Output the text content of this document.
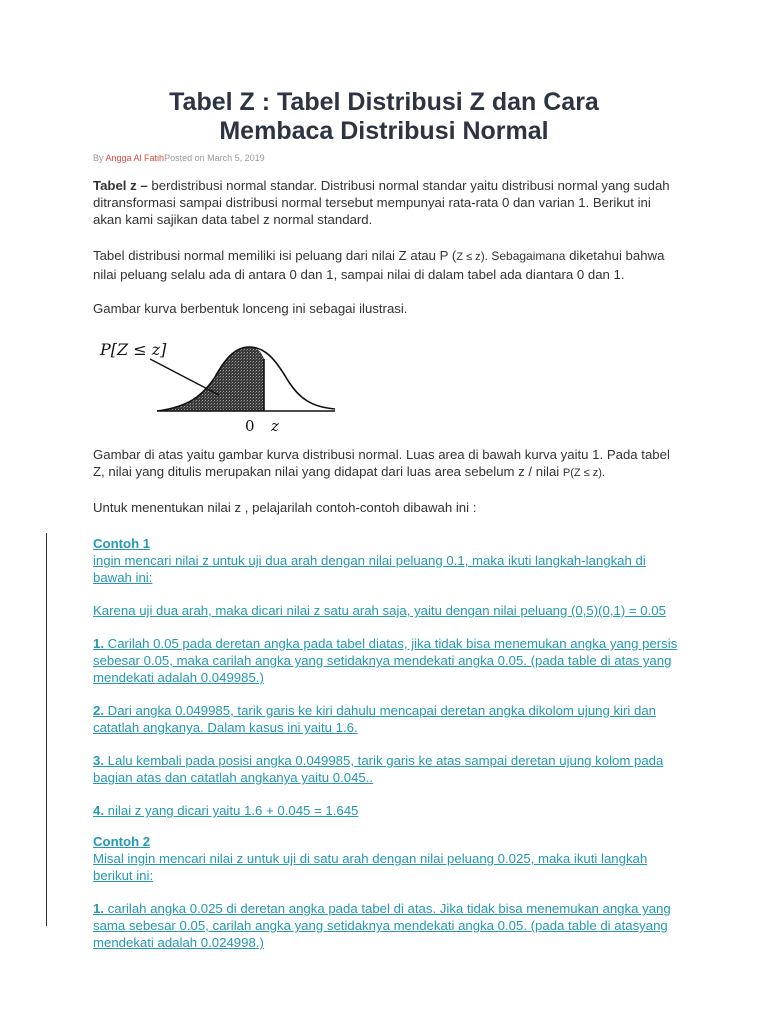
Tabel Z : Tabel Distribusi Z dan Cara
Membaca Distribusi Normal
By Angga Al FatihPosted on March 5, 2019

Tabel z – berdistribusi normal standar. Distribusi normal standar yaitu distribusi normal yang sudah ditransformasi sampai distribusi normal tersebut mempunyai rata-rata 0 dan varian 1. Berikut ini akan kami sajikan data tabel z normal standard.

Tabel distribusi normal memiliki isi peluang dari nilai Z atau P (Z ≤ z). Sebagaimana diketahui bahwa nilai peluang selalu ada di antara 0 dan 1, sampai nilai di dalam tabel ada diantara 0 dan 1.

Gambar kurva berbentuk lonceng ini sebagai ilustrasi.

P[Z ≤ z]
0 z

Gambar di atas yaitu gambar kurva distribusi normal. Luas area di bawah kurva yaitu 1. Pada tabel Z, nilai yang ditulis merupakan nilai yang didapat dari luas area sebelum z / nilai P(Z ≤ z).

Untuk menentukan nilai z , pelajarilah contoh-contoh dibawah ini :

Contoh 1
ingin mencari nilai z untuk uji dua arah dengan nilai peluang 0.1, maka ikuti langkah-langkah di bawah ini:
Karena uji dua arah, maka dicari nilai z satu arah saja, yaitu dengan nilai peluang (0,5)(0,1) = 0.05
1. Carilah 0.05 pada deretan angka pada tabel diatas, jika tidak bisa menemukan angka yang persis sebesar 0.05, maka carilah angka yang setidaknya mendekati angka 0.05. (pada table di atas yang mendekati adalah 0.049985.)
2. Dari angka 0.049985, tarik garis ke kiri dahulu mencapai deretan angka dikolom ujung kiri dan catatlah angkanya. Dalam kasus ini yaitu 1.6.
3. Lalu kembali pada posisi angka 0.049985, tarik garis ke atas sampai deretan ujung kolom pada bagian atas dan catatlah angkanya yaitu 0.045..
4. nilai z yang dicari yaitu 1.6 + 0.045 = 1.645
Contoh 2
Misal ingin mencari nilai z untuk uji di satu arah dengan nilai peluang 0.025, maka ikuti langkah berikut ini:
1. carilah angka 0.025 di deretan angka pada tabel di atas. Jika tidak bisa menemukan angka yang sama sebesar 0.05, carilah angka yang setidaknya mendekati angka 0.05. (pada table di atasyang mendekati adalah 0.024998.)
